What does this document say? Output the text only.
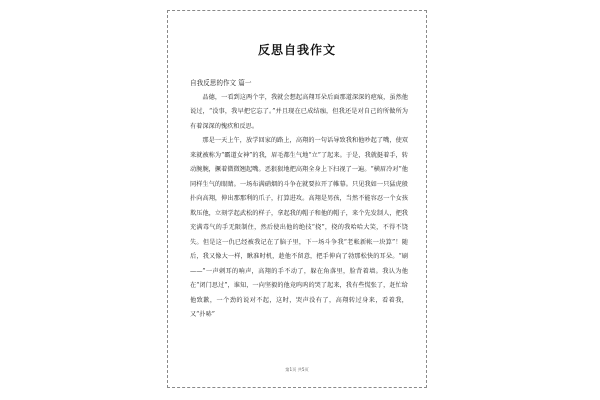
反思自我作文

自我反思的作文 篇一

品德，一看到这两个字，我就会想起高翔耳朵后面那道深深的疤痕，虽然他说过，“没事，我早把它忘了。”并且现在已成结痂，但我还是对自己的所做所为有着深深的愧疚和反思。

那是一天上午，放学回家的路上，高翔的一句话导致我和他吵起了嘴，使双来就被称为“霸道女神”的我，眉毛都生气地“立”了起来。于是，我就挺着手，转动腕腕，撅着微微翘起嘴。恶狠狠地把高翔全身上下扫视了一遍。“横眉冷对”他同样生气的眼睛。一场布满硝烟的斗争在就要拉开了帷幕。只见我如一只猛虎般扑向高翔，伸出那那利的爪子，打算进攻。高翔是男孩，当然不能容忍一个女孩欺压他，立刻学起武松的样子，拿起我的帽子和他的帽子，来个先发制人，把我充满毒气的手无限制住，然后使出他的绝技“挠”，挠的我哈哈大笑，不得不饶失。但是这一仇已经被我记在了脑子里，下一场斗争我“老帐新帐一块算”！随后，我又像大一样，瞅准时机，趁他不留意，把手伸向了勃那松快的耳朵。“刷——”一声刺耳的响声，高翔的手不动了，躲在角落里，脸背着墙。我认为他在“闭门思过”，谁知，一向坚毅的他竟呜呜的哭了起来，我有些慌张了，赶忙给他致歉，一个劲的说对不起，这时，哭声没有了，高翔转过身来，看着我，又“扑哧”

第1页 共5页
